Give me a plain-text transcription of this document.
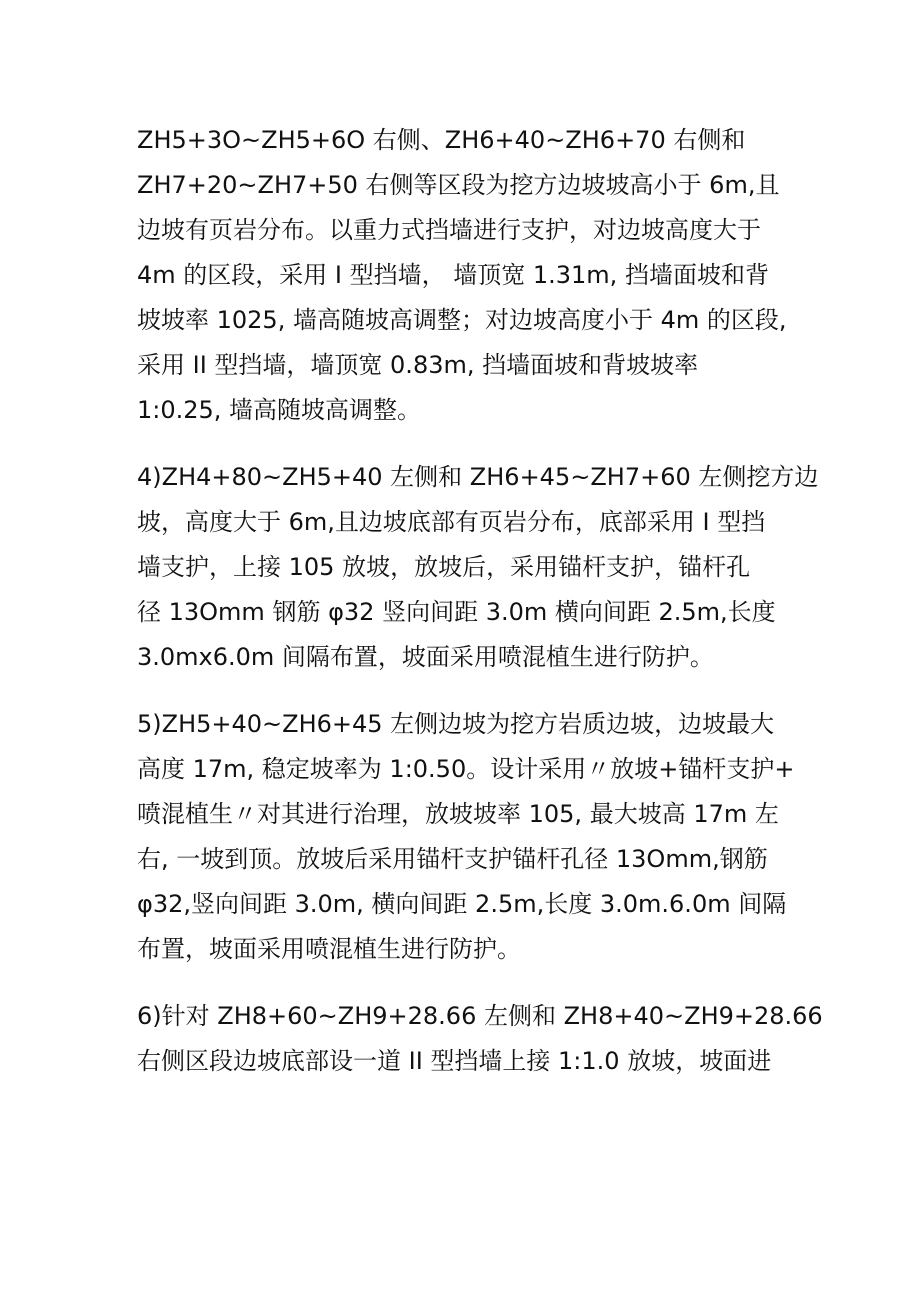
ZH5+3O~ZH5+6O 右侧、ZH6+40~ZH6+70 右侧和
ZH7+20~ZH7+50 右侧等区段为挖方边坡坡高小于 6m,且
边坡有页岩分布。以重力式挡墙进行支护，对边坡高度大于
4m 的区段，采用 I 型挡墙， 墙顶宽 1.31m, 挡墙面坡和背
坡坡率 1025, 墙高随坡高调整；对边坡高度小于 4m 的区段,
采用 II 型挡墙，墙顶宽 0.83m, 挡墙面坡和背坡坡率
1:0.25, 墙高随坡高调整。
4)ZH4+80~ZH5+40 左侧和 ZH6+45~ZH7+60 左侧挖方边
坡，高度大于 6m,且边坡底部有页岩分布，底部采用 I 型挡
墙支护，上接 105 放坡，放坡后，采用锚杆支护，锚杆孔
径 13Omm 钢筋 φ32 竖向间距 3.0m 横向间距 2.5m,长度
3.0mx6.0m 间隔布置，坡面采用喷混植生进行防护。
5)ZH5+40~ZH6+45 左侧边坡为挖方岩质边坡，边坡最大
高度 17m, 稳定坡率为 1:0.50。设计采用〃放坡+锚杆支护+
喷混植生〃对其进行治理，放坡坡率 105, 最大坡高 17m 左
右, 一坡到顶。放坡后采用锚杆支护锚杆孔径 13Omm,钢筋
φ32,竖向间距 3.0m, 横向间距 2.5m,长度 3.0m.6.0m 间隔
布置，坡面采用喷混植生进行防护。
6)针对 ZH8+60~ZH9+28.66 左侧和 ZH8+40~ZH9+28.66
右侧区段边坡底部设一道 II 型挡墙上接 1:1.0 放坡，坡面进
